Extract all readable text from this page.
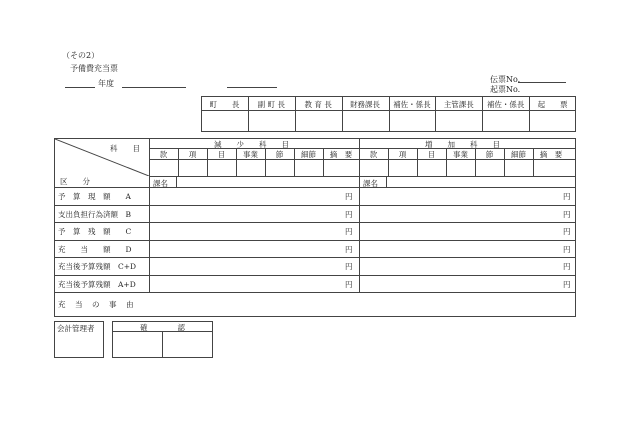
（その2）
予備費充当票
年度	伝票No.
起票No.
町　　長	副 町 長	教 育 長	財務課長	補佐・係長	主管課長	補佐・係長	起　　票
科　　目
区　　分
減　　少　　科　　目	増　　加　　科　　目
款	項	目	事業	節	細節	摘　要	款	項	目	事業	節	細節	摘　要
課名	課名
予　算　現　額　　A	円	円
支出負担行為済額　B	円	円
予　算　残　額　　C	円	円
充　　当　　額　　D	円	円
充当後予算残額　C+D	円	円
充当後予算残額　A+D	円	円
充　当　の　事　由
会計管理者	確　　　　認
